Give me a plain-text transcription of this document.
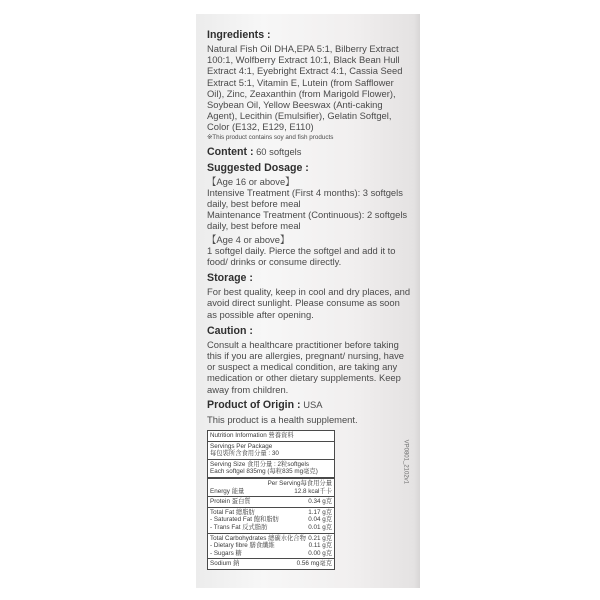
Ingredients :

Natural Fish Oil DHA,EPA 5:1, Bilberry Extract 100:1, Wolfberry Extract 10:1, Black Bean Hull Extract 4:1, Eyebright Extract 4:1, Cassia Seed Extract 5:1, Vitamin E, Lutein (from Safflower Oil), Zinc, Zeaxanthin (from Marigold Flower), Soybean Oil, Yellow Beeswax (Anti-caking Agent), Lecithin (Emulsifier), Gelatin Softgel, Color (E132, E129, E110)

※This product contains soy and fish products
Content : 60 softgels
Suggested Dosage :

【Age 16 or above】

Intensive Treatment (First 4 months): 3 softgels daily, best before meal

Maintenance Treatment (Continuous): 2 softgels daily, best before meal

【Age 4 or above】

1 softgel daily. Pierce the softgel and add it to food/ drinks or consume directly.

Storage :

For best quality, keep in cool and dry places, and avoid direct sunlight. Please consume as soon as possible after opening.

Caution :

Consult a healthcare practitioner before taking this if you are allergies, pregnant/ nursing, have or suspect a medical condition, are taking any medication or other dietary supplements. Keep away from children.

Product of Origin : USA

This product is a health supplement.

Nutrition Information 營養資料
Servings Per Package
每包裝所含食用分量 : 30
Serving Size 食用分量 : 2粒softgels
Each softgel 835mg (每粒835 mg毫克)
Per Serving每食用分量
Energy 能量	12.8 kcal千卡
Protein 蛋白質	0.34 g克
Total Fat 總脂肪	1.17 g克
- Saturated Fat 飽和脂肪	0.04 g克
- Trans Fat 反式脂肪	0.01 g克
Total Carbohydrates 總碳水化合物 0.21 g克
- Dietary fibre 膳食纖維	0.11 g克
- Sugars 糖	0.00 g克
Sodium 鈉	0.56 mg毫克
VP0801_2102v1
